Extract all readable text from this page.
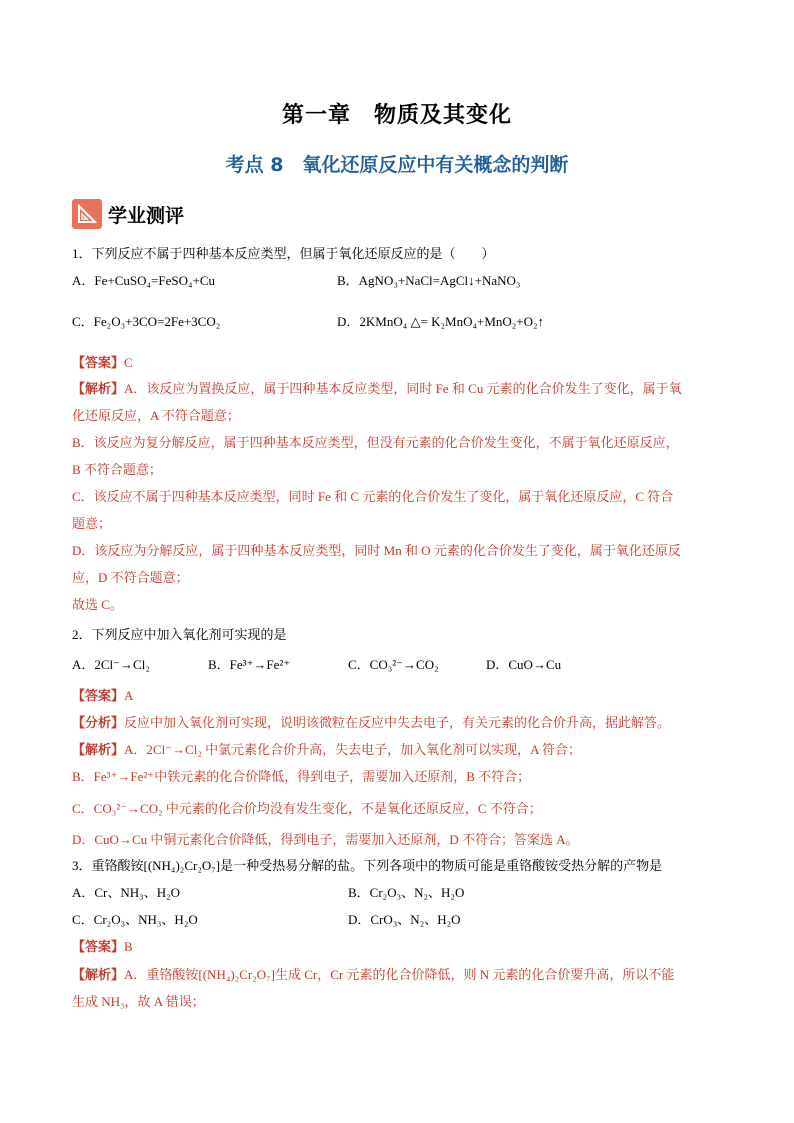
第一章　物质及其变化
考点 8　氧化还原反应中有关概念的判断
学业测评
1．下列反应不属于四种基本反应类型，但属于氧化还原反应的是（　　）
A．Fe+CuSO₄=FeSO₄+Cu	B．AgNO₃+NaCl=AgCl↓+NaNO₃
C．Fe₂O₃+3CO=2Fe+3CO₂	D．2KMnO₄ △= K₂MnO₄+MnO₂+O₂↑
【答案】C
【解析】A．该反应为置换反应，属于四种基本反应类型，同时 Fe 和 Cu 元素的化合价发生了变化，属于氧
化还原反应，A 不符合题意；
B．该反应为复分解反应，属于四种基本反应类型，但没有元素的化合价发生变化，不属于氧化还原反应，
B 不符合题意；
C．该反应不属于四种基本反应类型，同时 Fe 和 C 元素的化合价发生了变化，属于氧化还原反应，C 符合
题意；
D．该反应为分解反应，属于四种基本反应类型，同时 Mn 和 O 元素的化合价发生了变化，属于氧化还原反
应，D 不符合题意；
故选 C。
2．下列反应中加入氧化剂可实现的是
A．2Cl⁻→Cl₂	B．Fe³⁺→Fe²⁺	C．CO₃²⁻→CO₂	D．CuO→Cu
【答案】A
【分析】反应中加入氧化剂可实现，说明该微粒在反应中失去电子，有关元素的化合价升高，据此解答。
【解析】A．2Cl⁻→Cl₂ 中氯元素化合价升高，失去电子，加入氧化剂可以实现，A 符合；
B．Fe³⁺→Fe²⁺中铁元素的化合价降低，得到电子，需要加入还原剂，B 不符合；
C．CO₃²⁻→CO₂ 中元素的化合价均没有发生变化，不是氧化还原反应，C 不符合；
D．CuO→Cu 中铜元素化合价降低，得到电子，需要加入还原剂，D 不符合；答案选 A。
3．重铬酸铵[(NH₄)₂Cr₂O₇]是一种受热易分解的盐。下列各项中的物质可能是重铬酸铵受热分解的产物是
A．Cr、NH₃、H₂O	B．Cr₂O₃、N₂、H₂O
C．Cr₂O₃、NH₃、H₂O	D．CrO₃、N₂、H₂O
【答案】B
【解析】A．重铬酸铵[(NH₄)₂Cr₂O₇]生成 Cr，Cr 元素的化合价降低，则 N 元素的化合价要升高，所以不能
生成 NH₃，故 A 错误；
